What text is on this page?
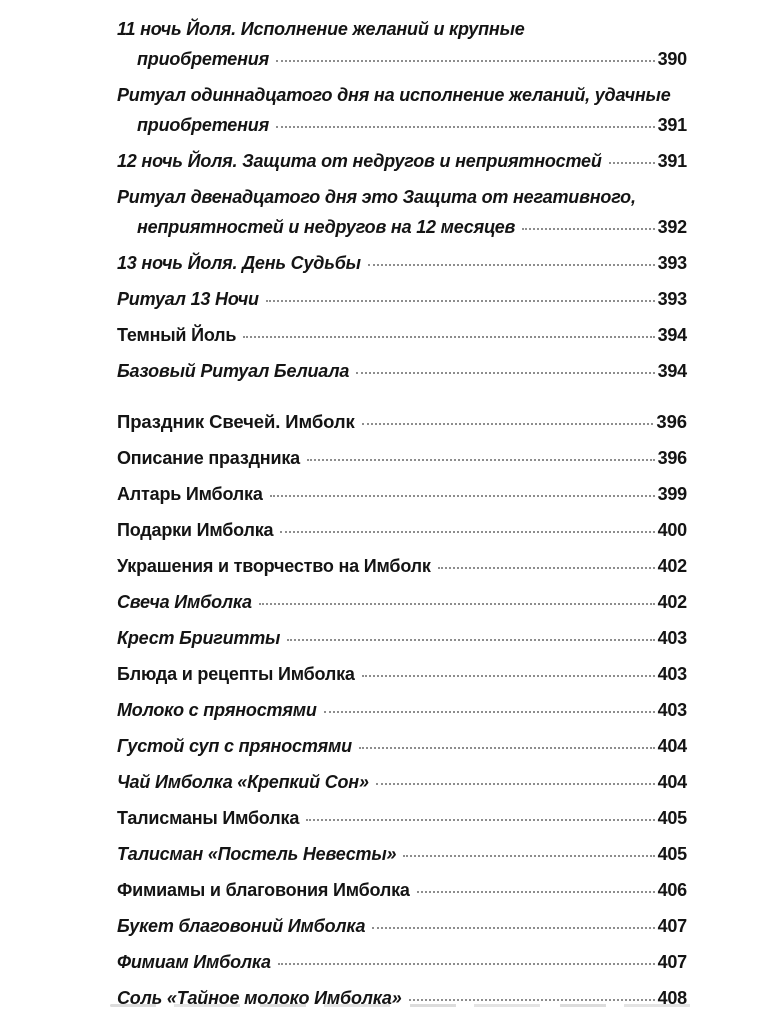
11 ночь Йоля. Исполнение желаний и крупные
приобретения	390
Ритуал одиннадцатого дня на исполнение желаний, удачные
приобретения	391
12 ночь Йоля. Защита от недругов и неприятностей	391
Ритуал двенадцатого дня это Защита от негативного,
неприятностей и недругов на 12 месяцев	392
13 ночь Йоля. День Судьбы	393
Ритуал 13 Ночи	393
Темный Йоль	394
Базовый Ритуал Белиала	394
Праздник Свечей. Имболк	396
Описание праздника	396
Алтарь Имболка	399
Подарки Имболка	400
Украшения и творчество на Имболк	402
Свеча Имболка	402
Крест Бригитты	403
Блюда и рецепты Имболка	403
Молоко с пряностями	403
Густой суп с пряностями	404
Чай Имболка «Крепкий Сон»	404
Талисманы Имболка	405
Талисман «Постель Невесты»	405
Фимиамы и благовония Имболка	406
Букет благовоний Имболка	407
Фимиам Имболка	407
Соль «Тайное молоко Имболка»	408
